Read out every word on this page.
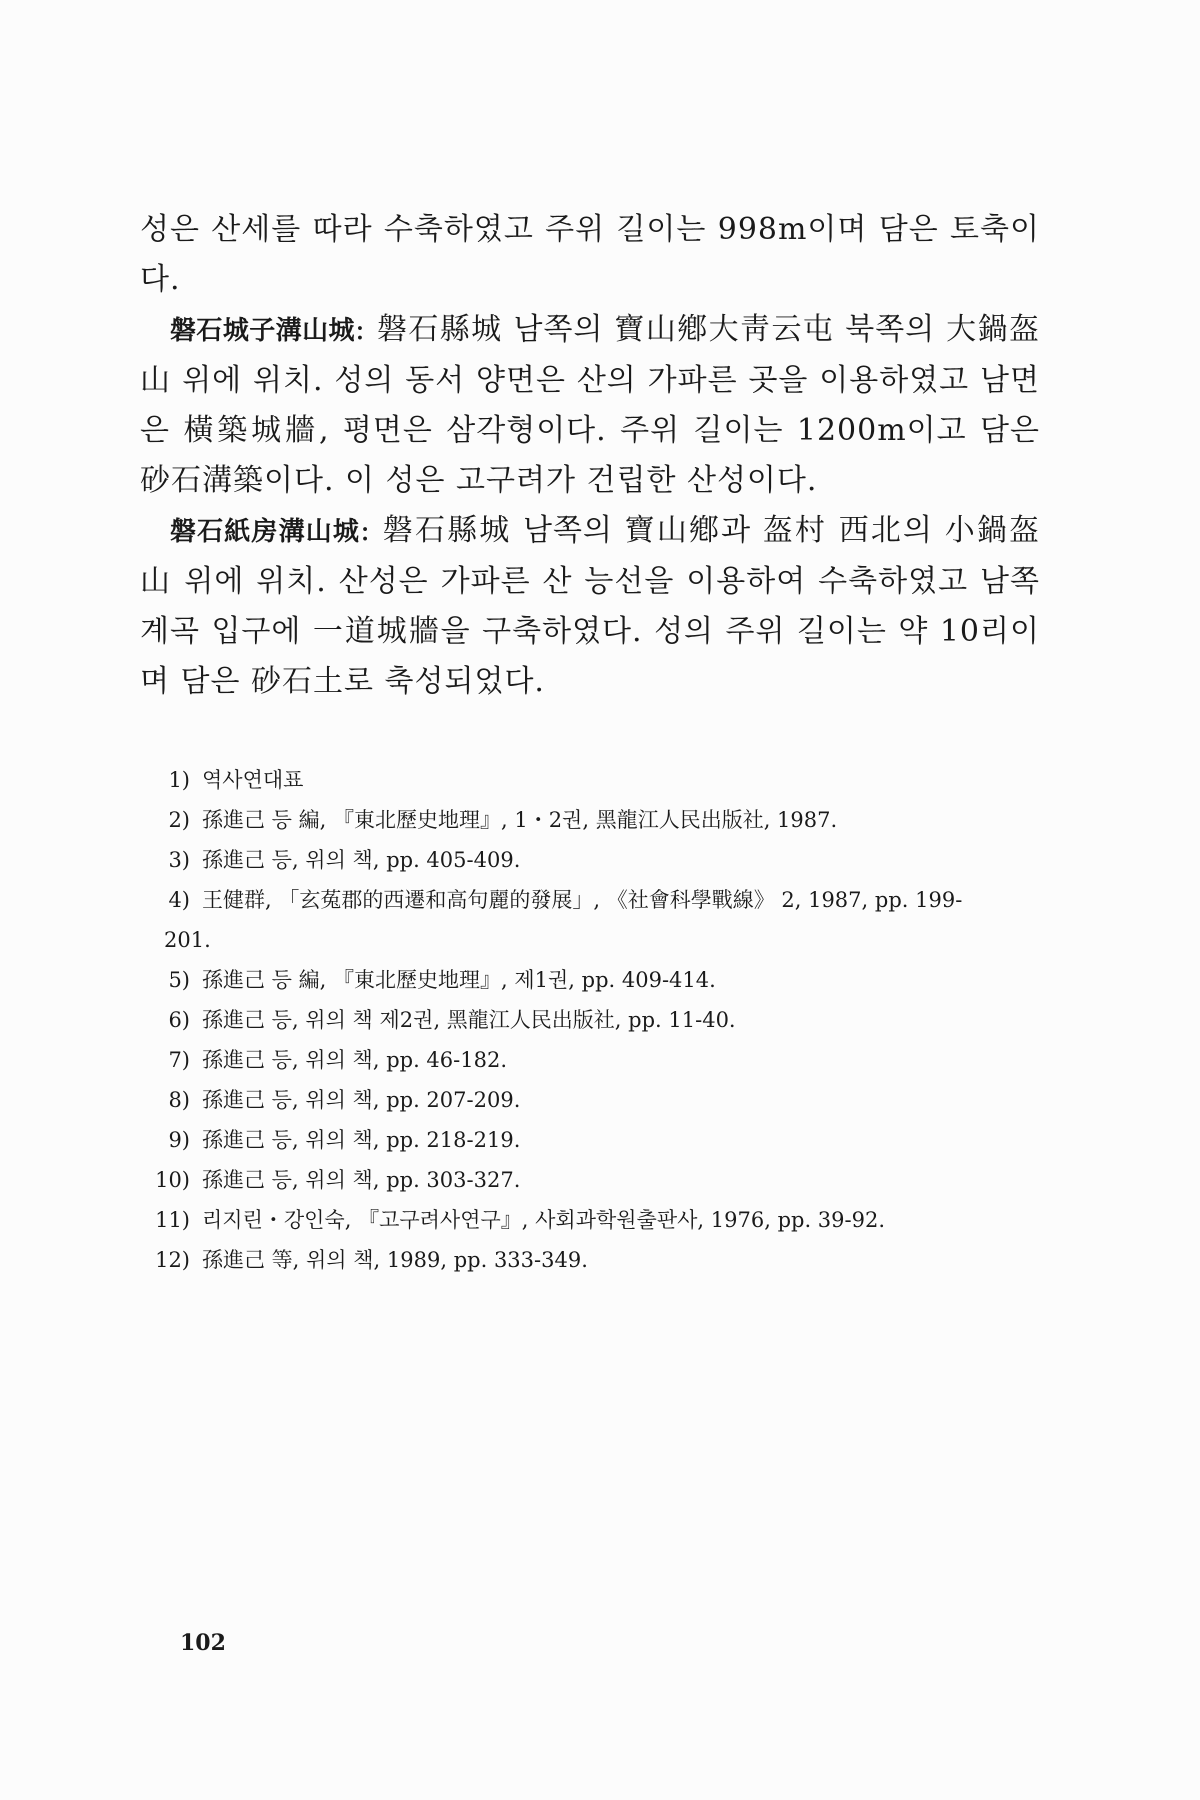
성은 산세를 따라 수축하였고 주위 길이는 998m이며 담은 토축이다.

磐石城子溝山城: 磐石縣城 남쪽의 寶山鄕大靑云屯 북쪽의 大鍋盔山 위에 위치. 성의 동서 양면은 산의 가파른 곳을 이용하였고 남면은 橫築城牆, 평면은 삼각형이다. 주위 길이는 1200m이고 담은 砂石溝築이다. 이 성은 고구려가 건립한 산성이다.

磐石紙房溝山城: 磐石縣城 남쪽의 寶山鄕과 盔村 西北의 小鍋盔山 위에 위치. 산성은 가파른 산 능선을 이용하여 수축하였고 남쪽 계곡 입구에 一道城牆을 구축하였다. 성의 주위 길이는 약 10리이며 담은 砂石土로 축성되었다.

1) 역사연대표
2) 孫進己 등 編, 『東北歷史地理』, 1・2권, 黑龍江人民出版社, 1987.
3) 孫進己 등, 위의 책, pp. 405-409.
4) 王健群, 「玄菟郡的西遷和高句麗的發展」, 《社會科學戰線》 2, 1987, pp. 199-
201.
5) 孫進己 등 編, 『東北歷史地理』, 제1권, pp. 409-414.
6) 孫進己 등, 위의 책 제2권, 黑龍江人民出版社, pp. 11-40.
7) 孫進己 등, 위의 책, pp. 46-182.
8) 孫進己 등, 위의 책, pp. 207-209.
9) 孫進己 등, 위의 책, pp. 218-219.
10) 孫進己 등, 위의 책, pp. 303-327.
11) 리지린・강인숙, 『고구려사연구』, 사회과학원출판사, 1976, pp. 39-92.
12) 孫進己 等, 위의 책, 1989, pp. 333-349.
102
